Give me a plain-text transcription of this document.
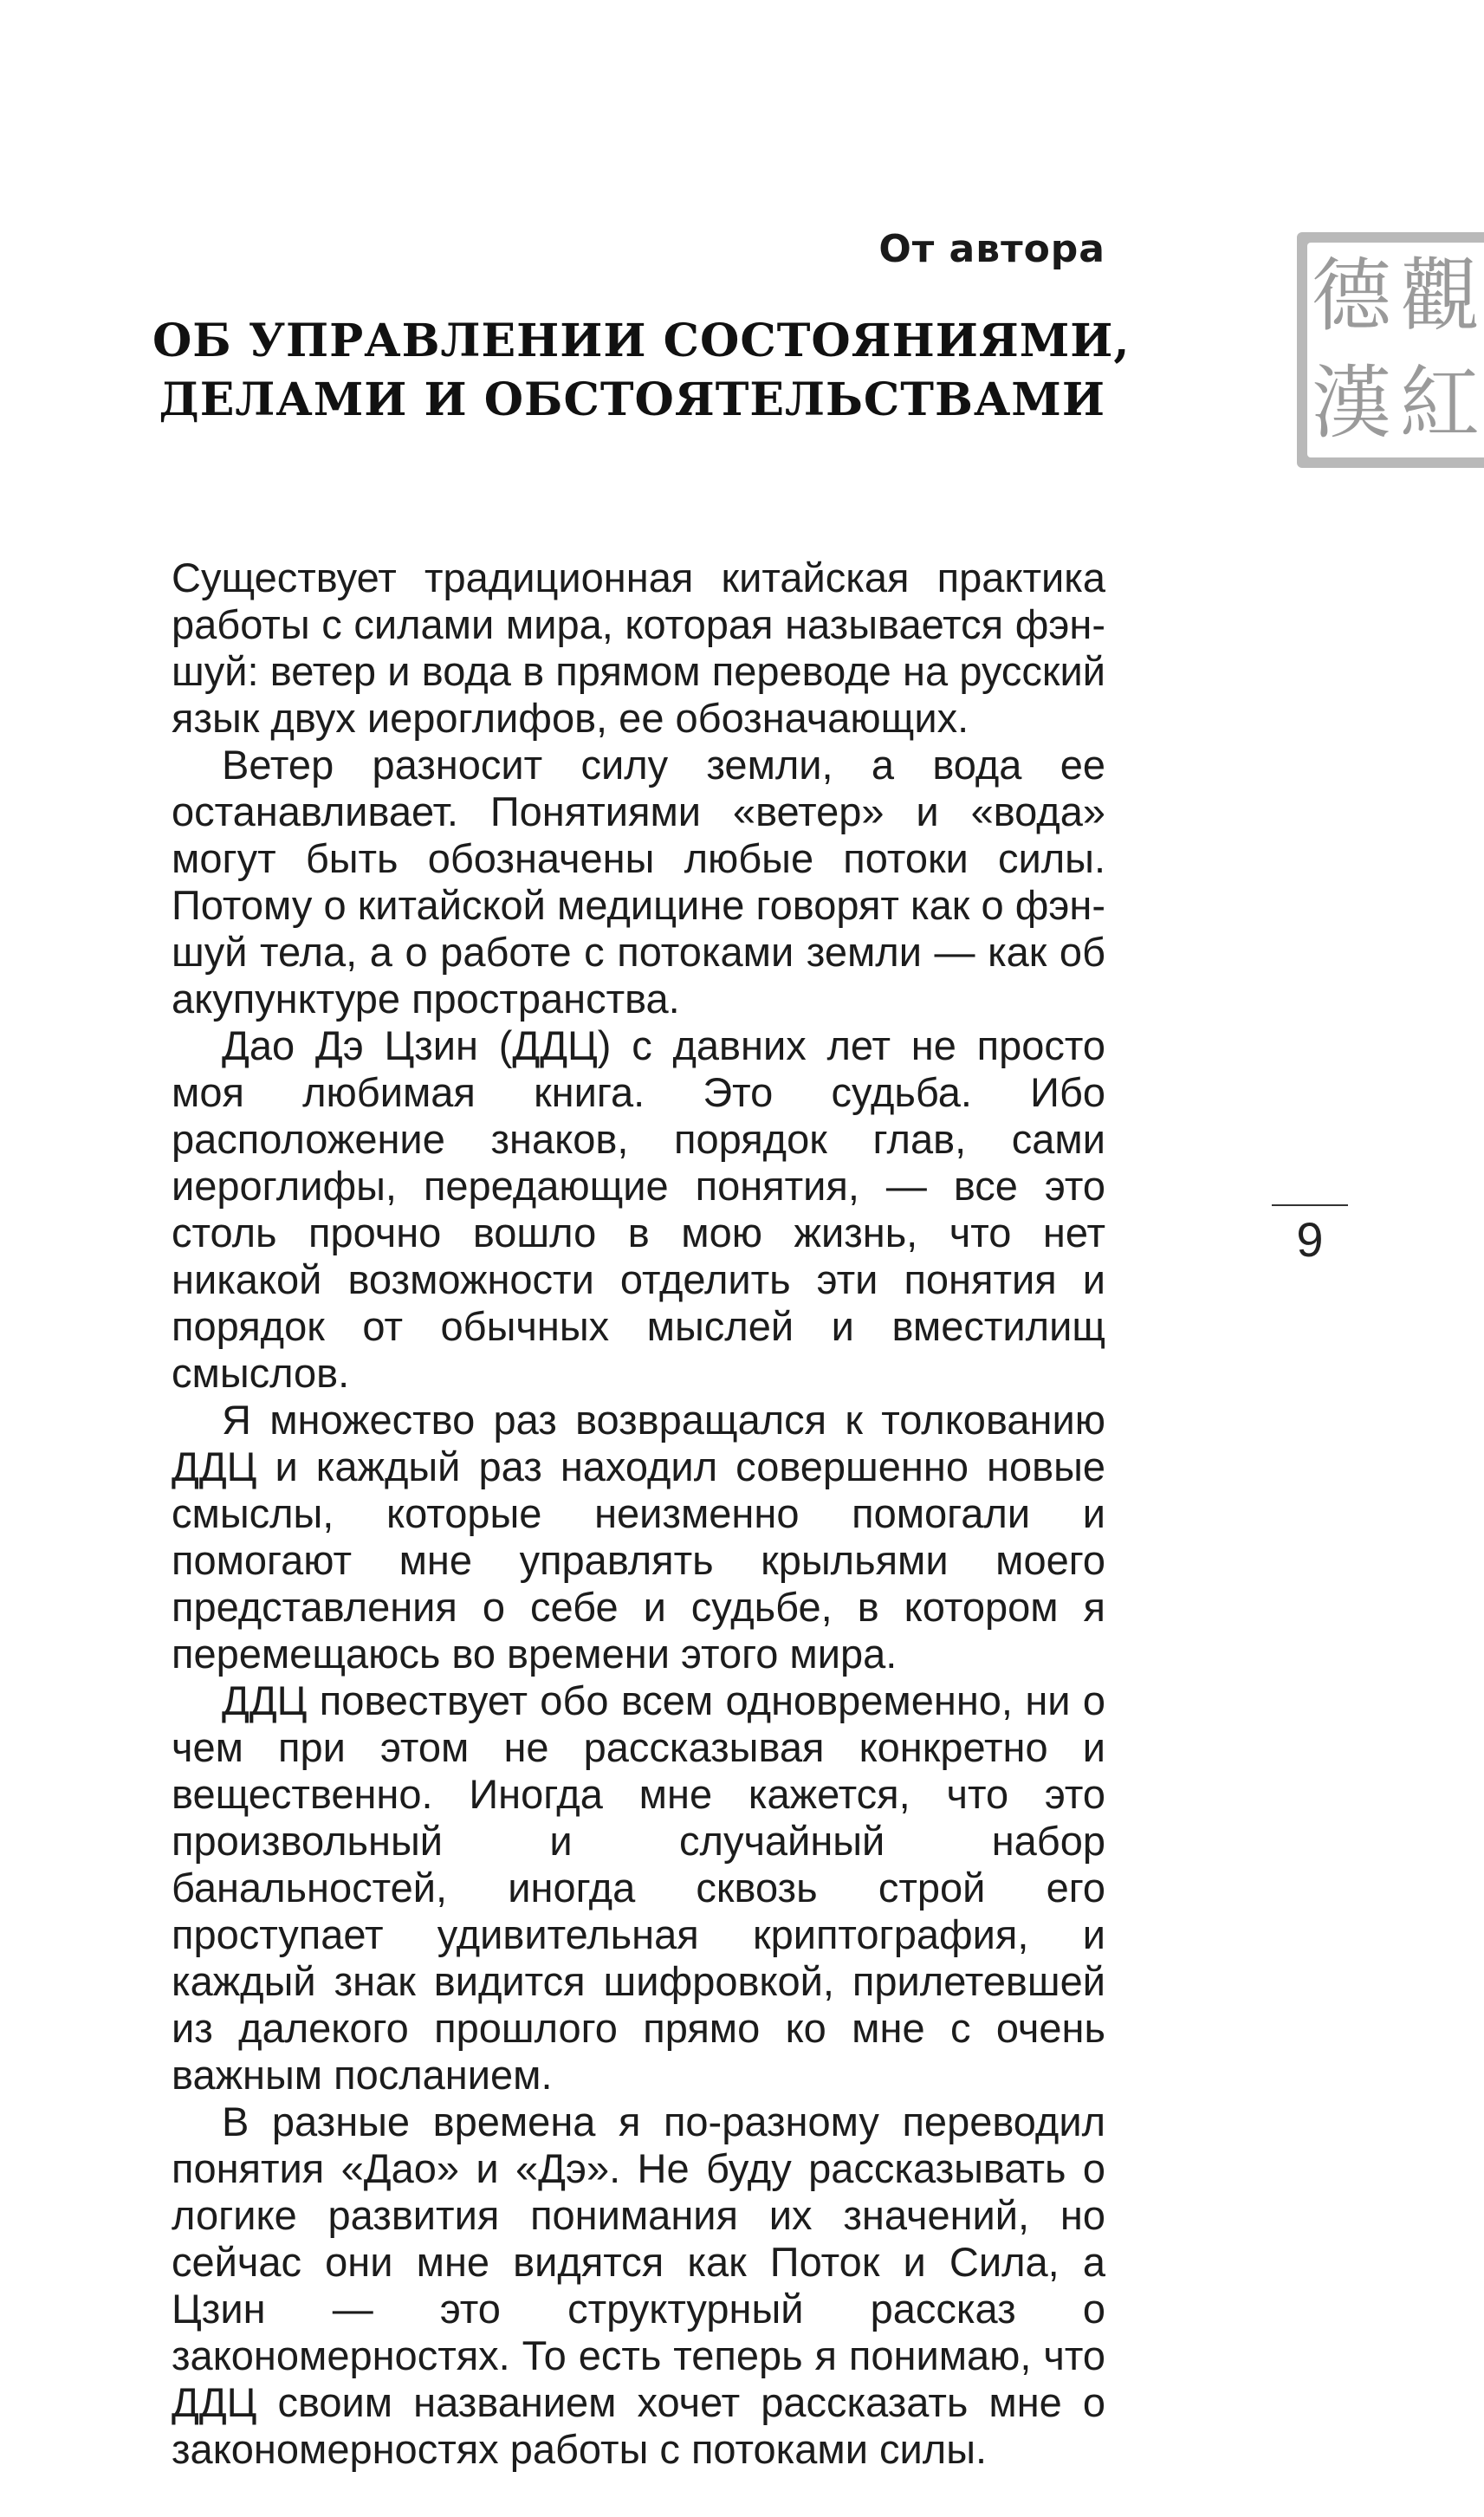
От автора
ОБ УПРАВЛЕНИИ СОСТОЯНИЯМИ,
ДЕЛАМИ И ОБСТОЯТЕЛЬСТВАМИ
德 觀
漢 紅
9

Существует традиционная китайская практика работы с силами мира, которая называется фэн-шуй: ветер и вода в прямом переводе на русский язык двух иероглифов, ее обозначающих.

Ветер разносит силу земли, а вода ее останавливает. Понятиями «ветер» и «вода» могут быть обозначены любые потоки силы. Потому о китайской медицине говорят как о фэн-шуй тела, а о работе с потоками земли — как об акупунктуре пространства.

Дао Дэ Цзин (ДДЦ) с давних лет не просто моя любимая книга. Это судьба. Ибо расположение знаков, порядок глав, сами иероглифы, передающие понятия, — все это столь прочно вошло в мою жизнь, что нет никакой возможности отделить эти понятия и порядок от обычных мыслей и вместилищ смыслов.

Я множество раз возвращался к толкованию ДДЦ и каждый раз находил совершенно новые смыслы, которые неизменно помогали и помогают мне управлять крыльями моего представления о себе и судьбе, в котором я перемещаюсь во времени этого мира.

ДДЦ повествует обо всем одновременно, ни о чем при этом не рассказывая конкретно и вещественно. Иногда мне кажется, что это произвольный и случайный набор банальностей, иногда сквозь строй его проступает удивительная криптография, и каждый знак видится шифровкой, прилетевшей из далекого прошлого прямо ко мне с очень важным посланием.

В разные времена я по-разному переводил понятия «Дао» и «Дэ». Не буду рассказывать о логике развития понимания их значений, но сейчас они мне видятся как Поток и Сила, а Цзин — это структурный рассказ о закономерностях. То есть теперь я понимаю, что ДДЦ своим названием хочет рассказать мне о закономерностях работы с потоками силы.
